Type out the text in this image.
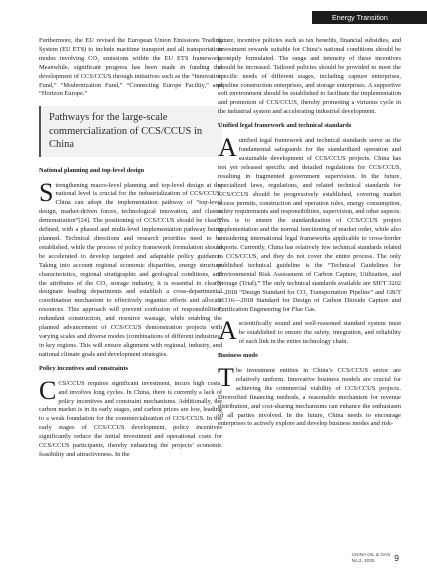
Energy Transition

Furthermore, the EU revised the European Union Emissions Trading System (EU ETS) to include maritime transport and all transportation modes involving CO₂ emissions within the EU ETS framework. Meanwhile, significant progress has been made in funding the development of CCS/CCUS through initiatives such as the “Innovation Fund,” “Modernization Fund,” “Connecting Europe Facility,” and “Horizon Europe.”

Pathways for the large-scale commercialization of CCS/CCUS in China
National planning and top-level design

Strengthening macro-level planning and top-level design at the national level is crucial for the industrialization of CCS/CCUS. China can adopt the implementation pathway of “top-level design, market-driven forces, technological innovation, and cluster demonstration”[24]. The positioning of CCS/CCUS should be clearly defined, with a phased and multi-level implementation pathway being planned. Technical directions and research priorities need to be established, while the process of policy framework formulation should be accelerated to develop targeted and adaptable policy guidance. Taking into account regional economic disparities, energy structure characteristics, regional stratigraphic and geological conditions, and the attributes of the CO₂ storage industry, it is essential to clearly designate leading departments and establish a cross-departmental coordination mechanism to effectively organize efforts and allocate resources. This approach will prevent confusion of responsibilities, redundant construction, and resource wastage, while enabling the planned advancement of CCS/CCUS demonstration projects with varying scales and diverse modes (combinations of different industries) in key regions. This will ensure alignment with regional, industry, and national climate goals and development strategies.

Policy incentives and constraints

CCS/CCUS requires significant investment, incurs high costs, and involves long cycles. In China, there is currently a lack of policy incentives and constraint mechanisms. Additionally, the carbon market is in its early stages, and carbon prices are low, leading to a weak foundation for the commercialization of CCS/CCUS. In the early stages of CCS/CCUS development, policy incentives significantly reduce the initial investment and operational costs for CCS/CCUS participants, thereby enhancing the projects’ economic feasibility and attractiveness. In the

future, incentive policies such as tax benefits, financial subsidies, and investment rewards suitable for China’s national conditions should be promptly formulated. The range and intensity of these incentives should be increased. Tailored policies should be provided to meet the specific needs of different stages, including capture enterprises, pipeline construction enterprises, and storage enterprises. A supportive soft environment should be established to facilitate the implementation and promotion of CCS/CCUS, thereby promoting a virtuous cycle in the industrial system and accelerating industrial development.

Unified legal framework and technical standards

Aunified legal framework and technical standards serve as the fundamental safeguards for the standardized operation and sustainable development of CCS/CCUS projects. China has not yet released specific and detailed regulations for CCS/CCUS, resulting in fragmented government supervision. In the future, specialized laws, regulations, and related technical standards for CCS/CCUS should be progressively established, covering market access permits, construction and operation rules, energy consumption, safety requirements and responsibilities, supervision, and other aspects. This is to ensure the standardization of CCS/CCUS project implementation and the normal functioning of market order, while also considering international legal frameworks applicable to cross-border exports. Currently, China has relatively few technical standards related to CCS/CCUS, and they do not cover the entire process. The only published technical guideline is the “Technical Guidelines for Environmental Risk Assessment of Carbon Capture, Utilization, and Storage (Trial).” The only technical standards available are SH/T 3202—2018 “Design Standard for CO₂ Transportation Pipeline” and GB/T 31316—2018 Standard for Design of Carbon Dioxide Capture and Purification Engineering for Flue Gas.

Ascientifically sound and well-reasoned standard system must be established to ensure the safety, integration, and reliability of each link in the entire technology chain.

Business mode

The investment entities in China’s CCS/CCUS sector are relatively uniform. Innovative business models are crucial for achieving the commercial viability of CCS/CCUS projects. Diversified financing methods, a reasonable mechanism for revenue distribution, and cost-sharing mechanisms can enhance the enthusiasm of all parties involved. In the future, China needs to encourage enterprises to actively explore and develop business modes and risk-

CHINA OIL & GAS
No.2, 2025 9
